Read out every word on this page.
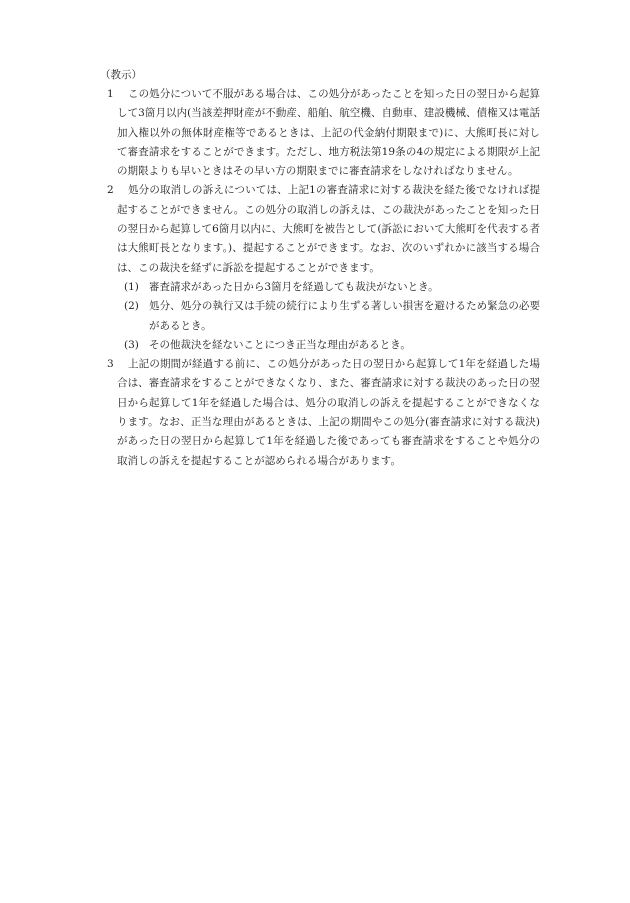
（教示）
1	この処分について不服がある場合は、この処分があったことを知った日の翌日から起算して3箇月以内(当該差押財産が不動産、船舶、航空機、自動車、建設機械、債権又は電話加入権以外の無体財産権等であるときは、上記の代金納付期限まで)に、大熊町長に対して審査請求をすることができます。ただし、地方税法第19条の4の規定による期限が上記の期限よりも早いときはその早い方の期限までに審査請求をしなければなりません。
2	処分の取消しの訴えについては、上記1の審査請求に対する裁決を経た後でなければ提起することができません。この処分の取消しの訴えは、この裁決があったことを知った日の翌日から起算して6箇月以内に、大熊町を被告として(訴訟において大熊町を代表する者は大熊町長となります。)、提起することができます。なお、次のいずれかに該当する場合は、この裁決を経ずに訴訟を提起することができます。
(1) 審査請求があった日から3箇月を経過しても裁決がないとき。
(2) 処分、処分の執行又は手続の続行により生ずる著しい損害を避けるため緊急の必要があるとき。
(3) その他裁決を経ないことにつき正当な理由があるとき。
3	上記の期間が経過する前に、この処分があった日の翌日から起算して1年を経過した場合は、審査請求をすることができなくなり、また、審査請求に対する裁決のあった日の翌日から起算して1年を経過した場合は、処分の取消しの訴えを提起することができなくなります。なお、正当な理由があるときは、上記の期間やこの処分(審査請求に対する裁決)があった日の翌日から起算して1年を経過した後であっても審査請求をすることや処分の取消しの訴えを提起することが認められる場合があります。
